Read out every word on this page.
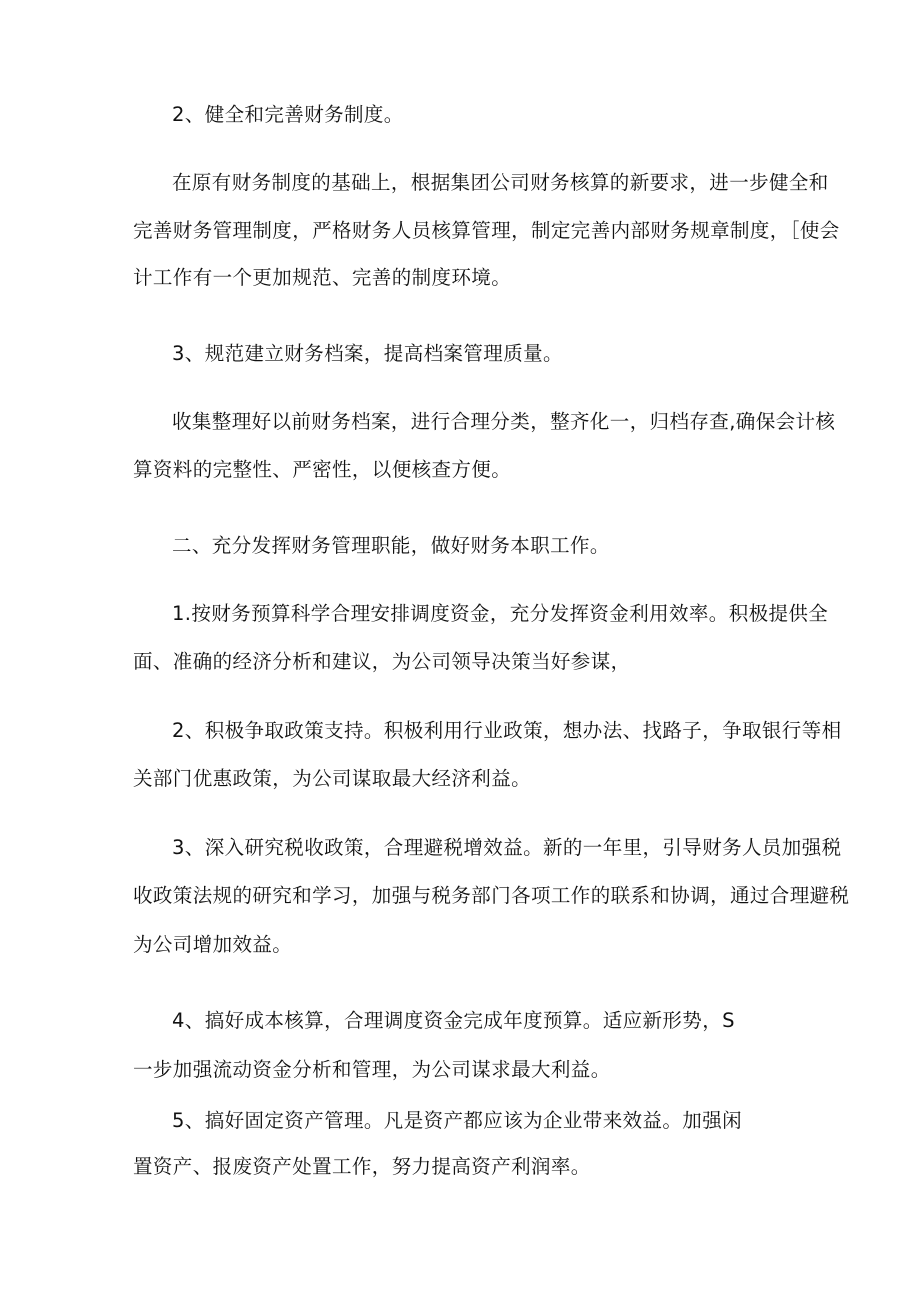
2、健全和完善财务制度。

在原有财务制度的基础上，根据集团公司财务核算的新要求，进一步健全和

完善财务管理制度，严格财务人员核算管理，制定完善内部财务规章制度，［使会

计工作有一个更加规范、完善的制度环境。

3、规范建立财务档案，提高档案管理质量。

收集整理好以前财务档案，进行合理分类，整齐化一，归档存查,确保会计核

算资料的完整性、严密性，以便核查方便。

二、充分发挥财务管理职能，做好财务本职工作。

1.按财务预算科学合理安排调度资金，充分发挥资金利用效率。积极提供全

面、准确的经济分析和建议，为公司领导决策当好参谋，

2、积极争取政策支持。积极利用行业政策，想办法、找路子，争取银行等相

关部门优惠政策，为公司谋取最大经济利益。

3、深入研究税收政策，合理避税增效益。新的一年里，引导财务人员加强税

收政策法规的研究和学习，加强与税务部门各项工作的联系和协调，通过合理避税

为公司增加效益。

4、搞好成本核算，合理调度资金完成年度预算。适应新形势，S

一步加强流动资金分析和管理，为公司谋求最大利益。

5、搞好固定资产管理。凡是资产都应该为企业带来效益。加强闲

置资产、报废资产处置工作，努力提高资产利润率。
